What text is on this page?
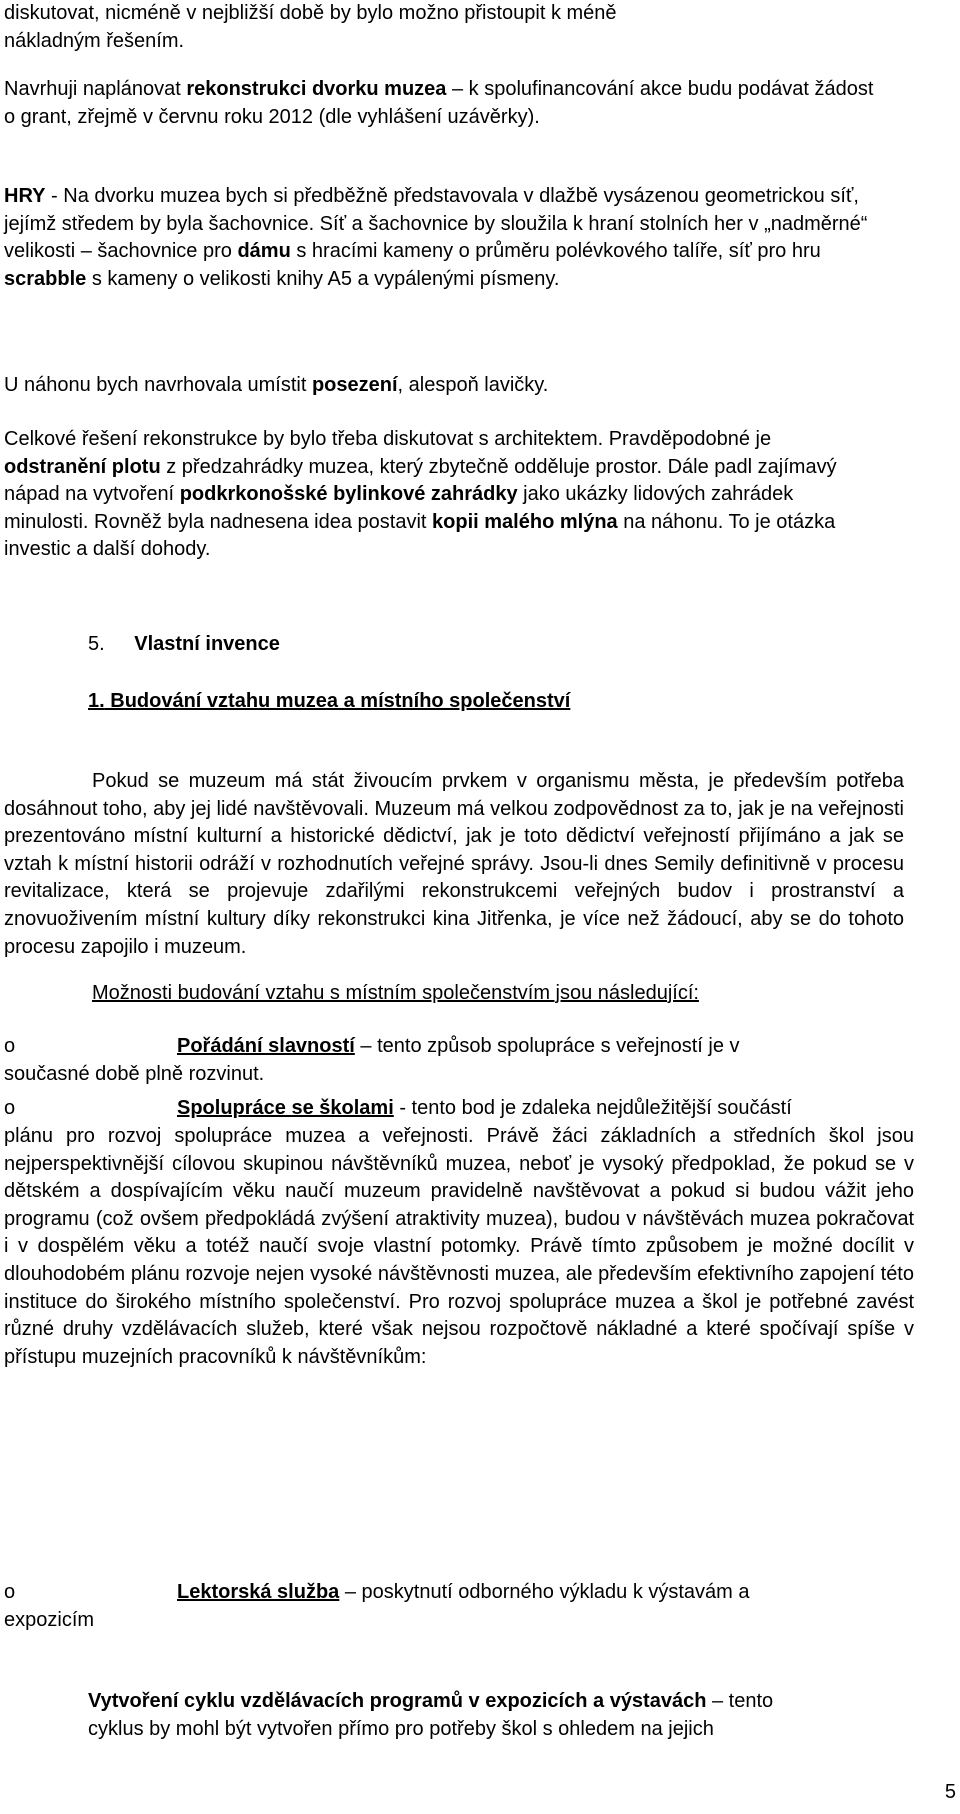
diskutovat, nicméně v nejbližší době by bylo možno přistoupit k méně
nákladným řešením.

Navrhuji naplánovat rekonstrukci dvorku muzea – k spolufinancování akce budu podávat žádost o grant, zřejmě v červnu roku 2012 (dle vyhlášení uzávěrky).

HRY - Na dvorku muzea bych si předběžně představovala v dlažbě vysázenou geometrickou síť, jejímž středem by byla šachovnice. Síť a šachovnice by sloužila k hraní stolních her v „nadměrné“ velikosti – šachovnice pro dámu s hracími kameny o průměru polévkového talíře, síť pro hru scrabble s kameny o velikosti knihy A5 a vypálenými písmeny.

U náhonu bych navrhovala umístit posezení, alespoň lavičky.

Celkové řešení rekonstrukce by bylo třeba diskutovat s architektem. Pravděpodobné je odstranění plotu z předzahrádky muzea, který zbytečně odděluje prostor. Dále padl zajímavý nápad na vytvoření podkrkonošské bylinkové zahrádky jako ukázky lidových zahrádek minulosti. Rovněž byla nadnesena idea postavit kopii malého mlýna na náhonu. To je otázka investic a další dohody.

5. Vlastní invence
1. Budování vztahu muzea a místního společenství

Pokud se muzeum má stát živoucím prvkem v organismu města, je především potřeba dosáhnout toho, aby jej lidé navštěvovali. Muzeum má velkou zodpovědnost za to, jak je na veřejnosti prezentováno místní kulturní a historické dědictví, jak je toto dědictví veřejností přijímáno a jak se vztah k místní historii odráží v rozhodnutích veřejné správy. Jsou-li dnes Semily definitivně v procesu revitalizace, která se projevuje zdařilými rekonstrukcemi veřejných budov i prostranství a znovuoživením místní kultury díky rekonstrukci kina Jitřenka, je více než žádoucí, aby se do tohoto procesu zapojilo i muzeum.

Možnosti budování vztahu s místním společenstvím jsou následující:

o	Pořádání slavností – tento způsob spolupráce s veřejností je v

současné době plně rozvinut.

o	Spolupráce se školami - tento bod je zdaleka nejdůležitější součástí

plánu pro rozvoj spolupráce muzea a veřejnosti. Právě žáci základních a středních škol jsou nejperspektivnější cílovou skupinou návštěvníků muzea, neboť je vysoký předpoklad, že pokud se v dětském a dospívajícím věku naučí muzeum pravidelně navštěvovat a pokud si budou vážit jeho programu (což ovšem předpokládá zvýšení atraktivity muzea), budou v návštěvách muzea pokračovat i v dospělém věku a totéž naučí svoje vlastní potomky. Právě tímto způsobem je možné docílit v dlouhodobém plánu rozvoje nejen vysoké návštěvnosti muzea, ale především efektivního zapojení této instituce do širokého místního společenství. Pro rozvoj spolupráce muzea a škol je potřebné zavést různé druhy vzdělávacích služeb, které však nejsou rozpočtově nákladné a které spočívají spíše v přístupu muzejních pracovníků k návštěvníkům:

o	Lektorská služba – poskytnutí odborného výkladu k výstavám a

expozicím

Vytvoření cyklu vzdělávacích programů v expozicích a výstavách – tento

cyklus by mohl být vytvořen přímo pro potřeby škol s ohledem na jejich

5
